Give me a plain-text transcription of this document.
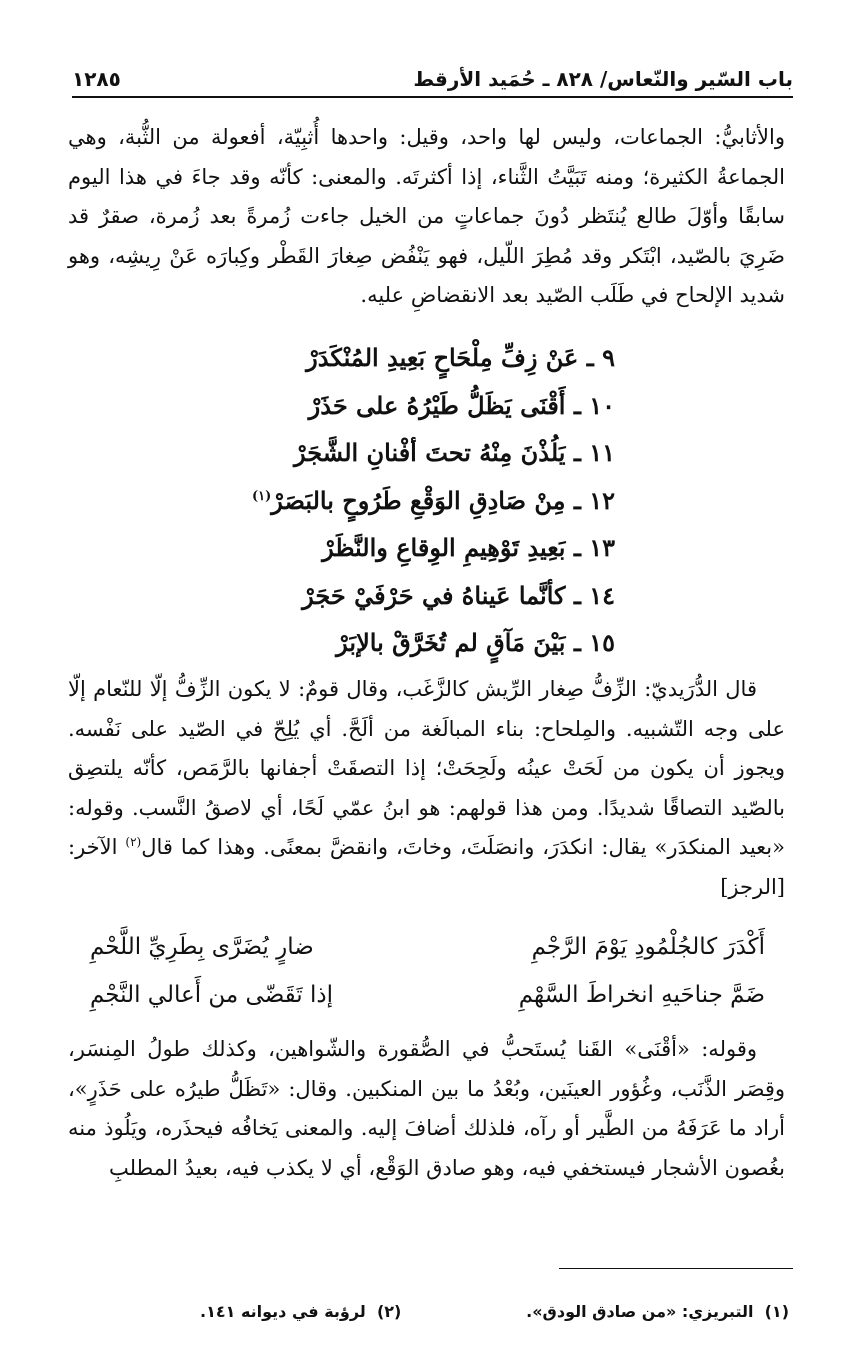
باب السّير والنّعاس/ ٨٢٨ ـ حُمَيد الأرقط
١٢٨٥

والأثابيُّ: الجماعات، وليس لها واحد، وقيل: واحدها أُثبِيّة، أفعولة من الثُّبة، وهي الجماعةُ الكثيرة؛ ومنه تَبَيَّتُ الثَّناء، إذا أكثرتَه. والمعنى: كأنّه وقد جاءَ في هذا اليوم سابقًا وأوّلَ طالع يُنتَظر دُونَ جماعاتٍ من الخيل جاءت زُمرةً بعد زُمرة، صقرٌ قد ضَرِيَ بالصّيد، ابْتَكر وقد مُطِرَ اللّيل، فهو يَنْفُض صِغارَ القَطْر وكِبارَه عَنْ رِيشِه، وهو شديد الإلحاح في طَلَب الصّيد بعد الانقضاضِ عليه.

٩ ـ عَنْ زِفِّ مِلْحَاحٍ بَعِيدِ المُنْكَدَرْ
١٠ ـ أَقْنَى يَظَلُّ طَيْرُهُ على حَذَرْ
١١ ـ يَلُذْنَ مِنْهُ تحتَ أفْنانِ الشَّجَرْ
١٢ ـ مِنْ صَادِقِ الوَقْعِ طَرُوحٍ بالبَصَرْ$^{(١)}$
١٣ ـ بَعِيدِ تَوْهِيمِ الوِقاعِ والنَّظَرْ
١٤ ـ كأنَّما عَيناهُ في حَرْفَيْ حَجَرْ
١٥ ـ بَيْنَ مَآقٍ لم تُخَرَّقْ بالإبَرْ

قال الدُّرَيديّ: الزِّفُّ صِغار الرِّيش كالزَّغَب، وقال قومٌ: لا يكون الزِّفُّ إلّا للنّعام إلّا على وجه التّشبيه. والمِلحاح: بناء المبالَغة من ألَحَّ. أي يُلِحّ في الصّيد على نَفْسه. ويجوز أن يكون من لَحَتْ عينُه ولَحِحَتْ؛ إذا التصقَتْ أجفانها بالرَّمَص، كأنّه يلتصِق بالصّيد التصاقًا شديدًا. ومن هذا قولهم: هو ابنُ عمّي لَحًا، أي لاصقُ النَّسب. وقوله: «بعيد المنكدَر» يقال: انكدَرَ، وانصَلَتَ، وخاتَ، وانقضَّ بمعنًى. وهذا كما قال$^{(٢)}$ الآخر: [الرجز]

أَكْدَرَ كالجُلْمُودِ يَوْمَ الرَّجْمِ
ضارٍ يُضَرَّى بِطَرِيِّ اللَّحْمِ
ضَمَّ جناحَيهِ انخراطَ السَّهْمِ
إذا تَقَضّى من أَعالي النَّجْمِ

وقوله: «أقْنَى» القَنا يُستَحبُّ في الصُّقورة والشّواهين، وكذلك طولُ المِنسَر، وقِصَر الذَّنَب، وغُؤور العينَين، وبُعْدُ ما بين المنكبين. وقال: «تَظَلُّ طيرُه على حَذَرٍ»، أراد ما عَرَفَهُ من الطَّير أو رآه، فلذلك أضافَ إليه. والمعنى يَخافُه فيحذَره، ويَلُوذ منه بغُصون الأشجار فيستخفي فيه، وهو صادق الوَقْع، أي لا يكذب فيه، بعيدُ المطلبِ

(١)  التبريزي: «من صادق الودق».
(٢)  لرؤبة في ديوانه ١٤١.
